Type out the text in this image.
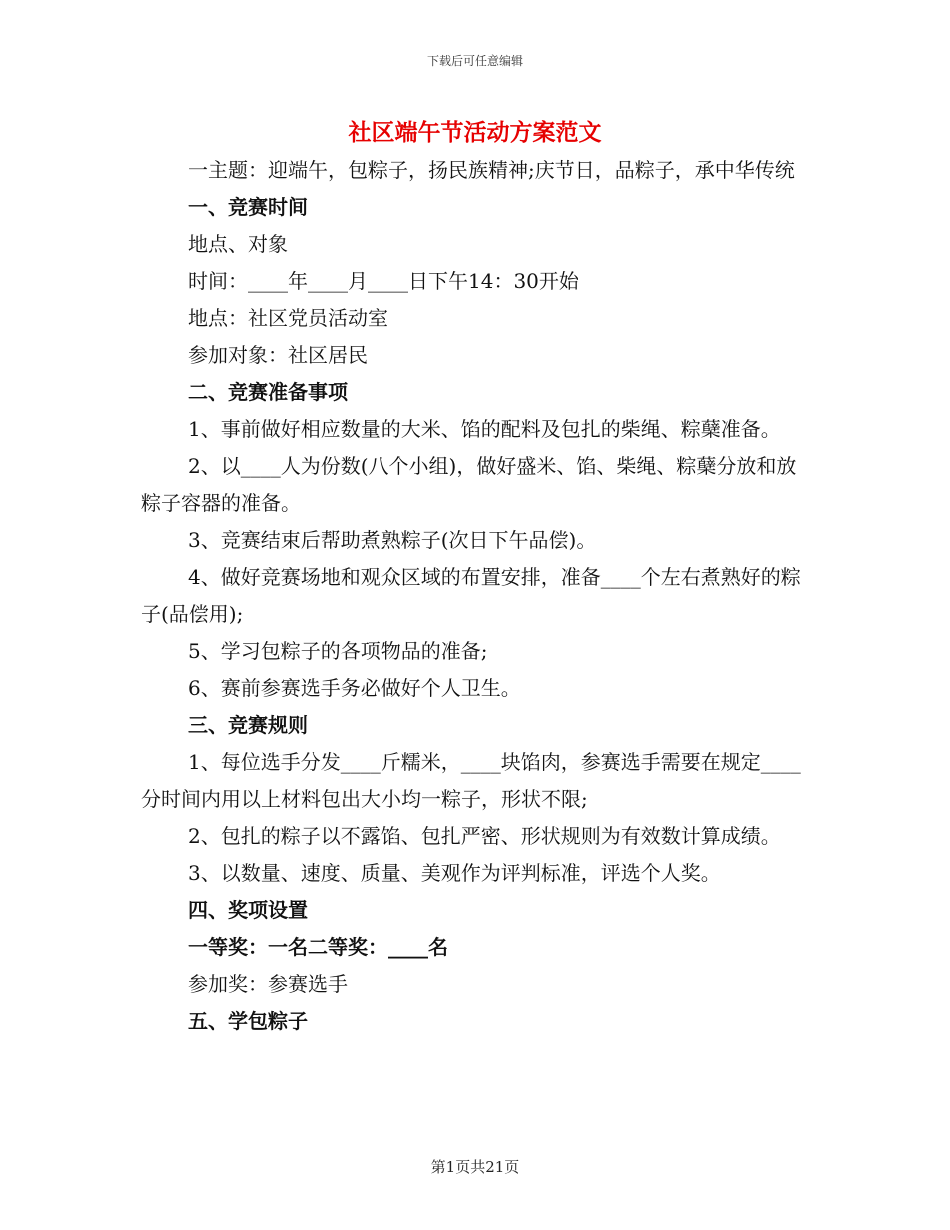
下载后可任意编辑
社区端午节活动方案范文

一主题：迎端午，包粽子，扬民族精神;庆节日，品粽子，承中华传统

一、竞赛时间

地点、对象

时间：____年____月____日下午14：30开始

地点：社区党员活动室

参加对象：社区居民

二、竞赛准备事项

1、事前做好相应数量的大米、馅的配料及包扎的柴绳、粽蘖准备。

2、以____人为份数(八个小组)，做好盛米、馅、柴绳、粽蘖分放和放粽子容器的准备。

3、竞赛结束后帮助煮熟粽子(次日下午品偿)。

4、做好竞赛场地和观众区域的布置安排，准备____个左右煮熟好的粽子(品偿用);

5、学习包粽子的各项物品的准备;

6、赛前参赛选手务必做好个人卫生。

三、竞赛规则

1、每位选手分发____斤糯米，____块馅肉，参赛选手需要在规定____分时间内用以上材料包出大小均一粽子，形状不限;

2、包扎的粽子以不露馅、包扎严密、形状规则为有效数计算成绩。

3、以数量、速度、质量、美观作为评判标准，评选个人奖。

四、奖项设置

一等奖：一名二等奖：____名

参加奖：参赛选手

五、学包粽子

第1页共21页
